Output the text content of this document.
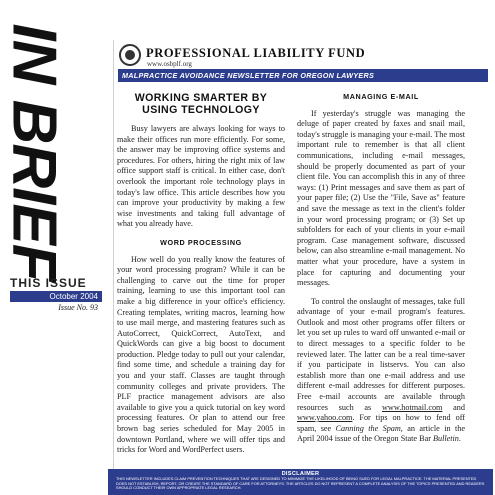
IN BRIEF
THIS ISSUE
October 2004
Issue No. 93
PROFESSIONAL LIABILITY FUND
www.osbplf.org
MALPRACTICE AVOIDANCE NEWSLETTER FOR OREGON LAWYERS
WORKING SMARTER BY USING TECHNOLOGY

Busy lawyers are always looking for ways to make their offices run more efficiently. For some, the answer may be improving office systems and procedures. For others, hiring the right mix of law office support staff is critical. In either case, don't overlook the important role technology plays in today's law office. This article describes how you can improve your productivity by making a few wise investments and taking full advantage of what you already have.

WORD PROCESSING

How well do you really know the features of your word processing program? While it can be challenging to carve out the time for proper training, learning to use this important tool can make a big difference in your office's efficiency. Creating templates, writing macros, learning how to use mail merge, and mastering features such as AutoCorrect, QuickCorrect, AutoText, and QuickWords can give a big boost to document production. Pledge today to pull out your calendar, find some time, and schedule a training day for you and your staff. Classes are taught through community colleges and private providers. The PLF practice management advisors are also available to give you a quick tutorial on key word processing features. Or plan to attend our free brown bag series scheduled for May 2005 in downtown Portland, where we will offer tips and tricks for Word and WordPerfect users.

MANAGING E-MAIL

If yesterday's struggle was managing the deluge of paper created by faxes and snail mail, today's struggle is managing your e-mail. The most important rule to remember is that all client communications, including e-mail messages, should be properly documented as part of your client file. You can accomplish this in any of three ways: (1) Print messages and save them as part of your paper file; (2) Use the "File, Save as" feature and save the message as text in the client's folder in your word processing program; or (3) Set up subfolders for each of your clients in your e-mail program. Case management software, discussed below, can also streamline e-mail management. No matter what your procedure, have a system in place for capturing and documenting your messages.

To control the onslaught of messages, take full advantage of your e-mail program's features. Outlook and most other programs offer filters or let you set up rules to ward off unwanted e-mail or to direct messages to a specific folder to be reviewed later. The latter can be a real time-saver if you participate in listservs. You can also establish more than one e-mail address and use different e-mail addresses for different purposes. Free e-mail accounts are available through resources such as www.hotmail.com and www.yahoo.com. For tips on how to fend off spam, see Canning the Spam, an article in the April 2004 issue of the Oregon State Bar Bulletin.

DISCLAIMER
THIS NEWSLETTER INCLUDES CLAIM PREVENTION TECHNIQUES THAT ARE DESIGNED TO MINIMIZE THE LIKELIHOOD OF BEING SUED FOR LEGAL MALPRACTICE. THE MATERIAL PRESENTED DOES NOT ESTABLISH, REPORT, OR CREATE THE STANDARD OF CARE FOR ATTORNEYS. THE ARTICLES DO NOT REPRESENT A COMPLETE ANALYSIS OF THE TOPICS PRESENTED AND READERS SHOULD CONDUCT THEIR OWN APPROPRIATE LEGAL RESEARCH.
